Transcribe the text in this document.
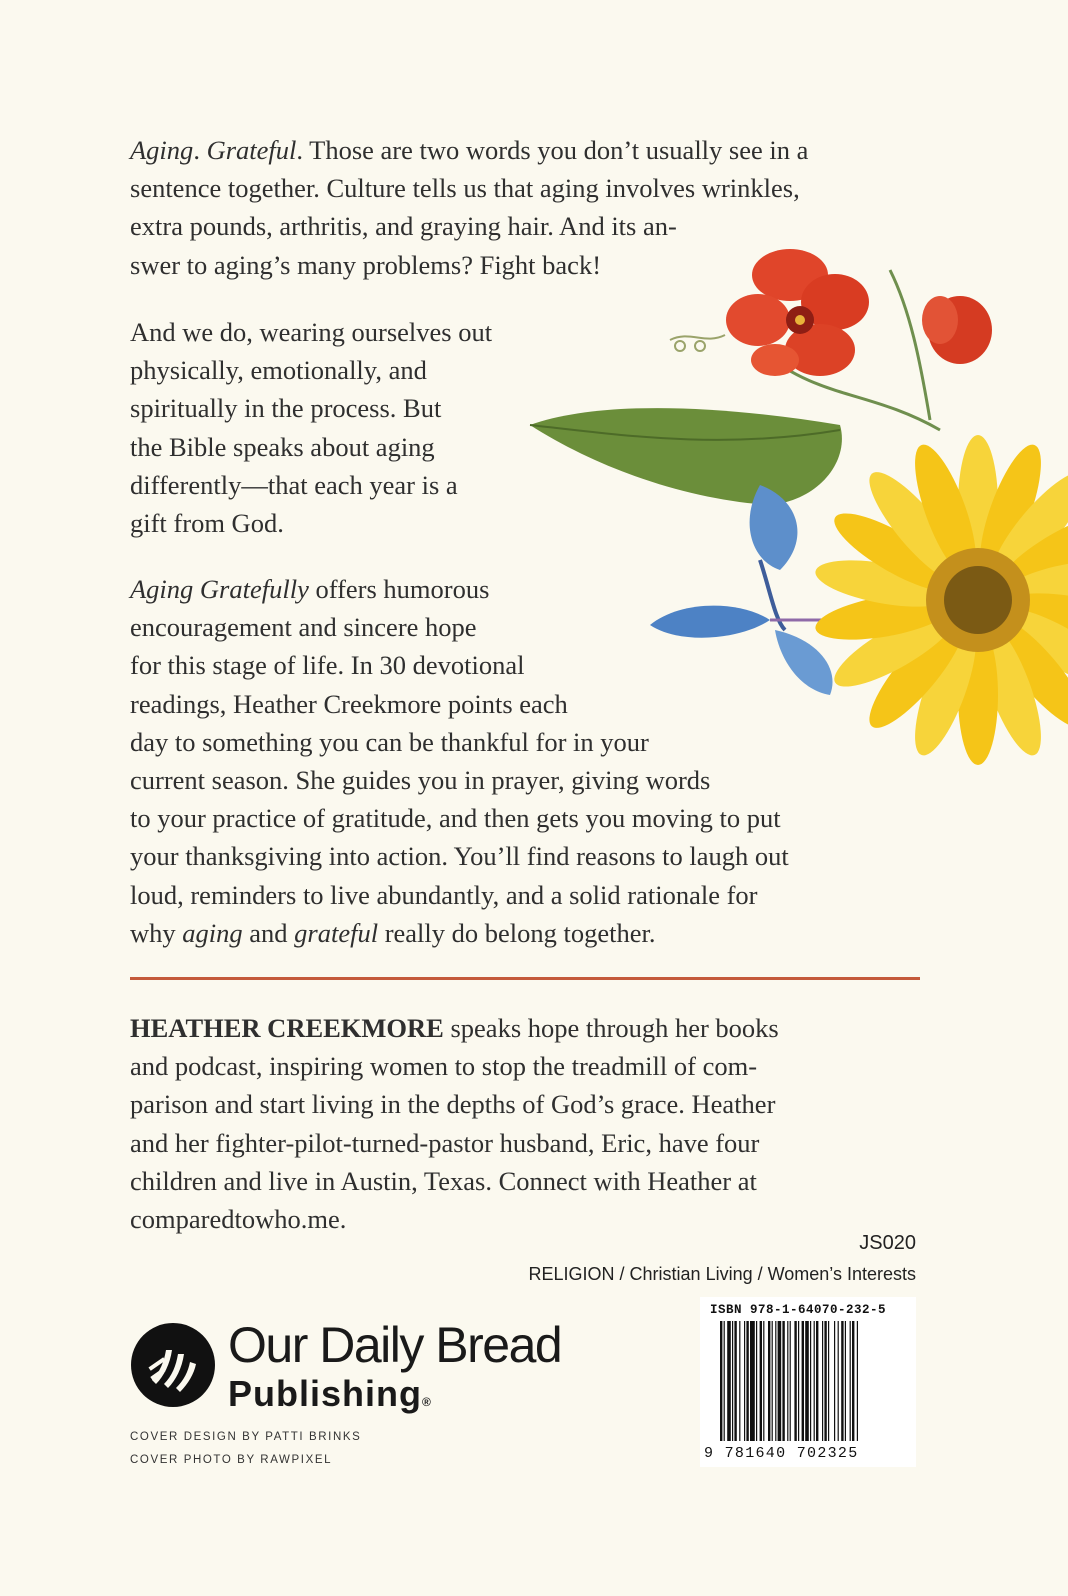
Aging. Grateful. Those are two words you don’t usually see in a
sentence together. Culture tells us that aging involves wrinkles,
extra pounds, arthritis, and graying hair. And its an-
swer to aging’s many problems? Fight back!

And we do, wearing ourselves out
physically, emotionally, and
spiritually in the process. But
the Bible speaks about aging
differently—that each year is a
gift from God.

Aging Gratefully offers humorous
encouragement and sincere hope
for this stage of life. In 30 devotional
readings, Heather Creekmore points each
day to something you can be thankful for in your
current season. She guides you in prayer, giving words
to your practice of gratitude, and then gets you moving to put
your thanksgiving into action. You’ll find reasons to laugh out
loud, reminders to live abundantly, and a solid rationale for
why aging and grateful really do belong together.

HEATHER CREEKMORE speaks hope through her books
and podcast, inspiring women to stop the treadmill of com-
parison and start living in the depths of God’s grace. Heather
and her fighter-pilot-turned-pastor husband, Eric, have four
children and live in Austin, Texas. Connect with Heather at
comparedtowho.me.

JS020
RELIGION / Christian Living / Women’s Interests
Our Daily Bread
Publishing®
COVER DESIGN BY PATTI BRINKS
COVER PHOTO BY RAWPIXEL
ISBN 978-1-64070-232-5
9 781640 702325
